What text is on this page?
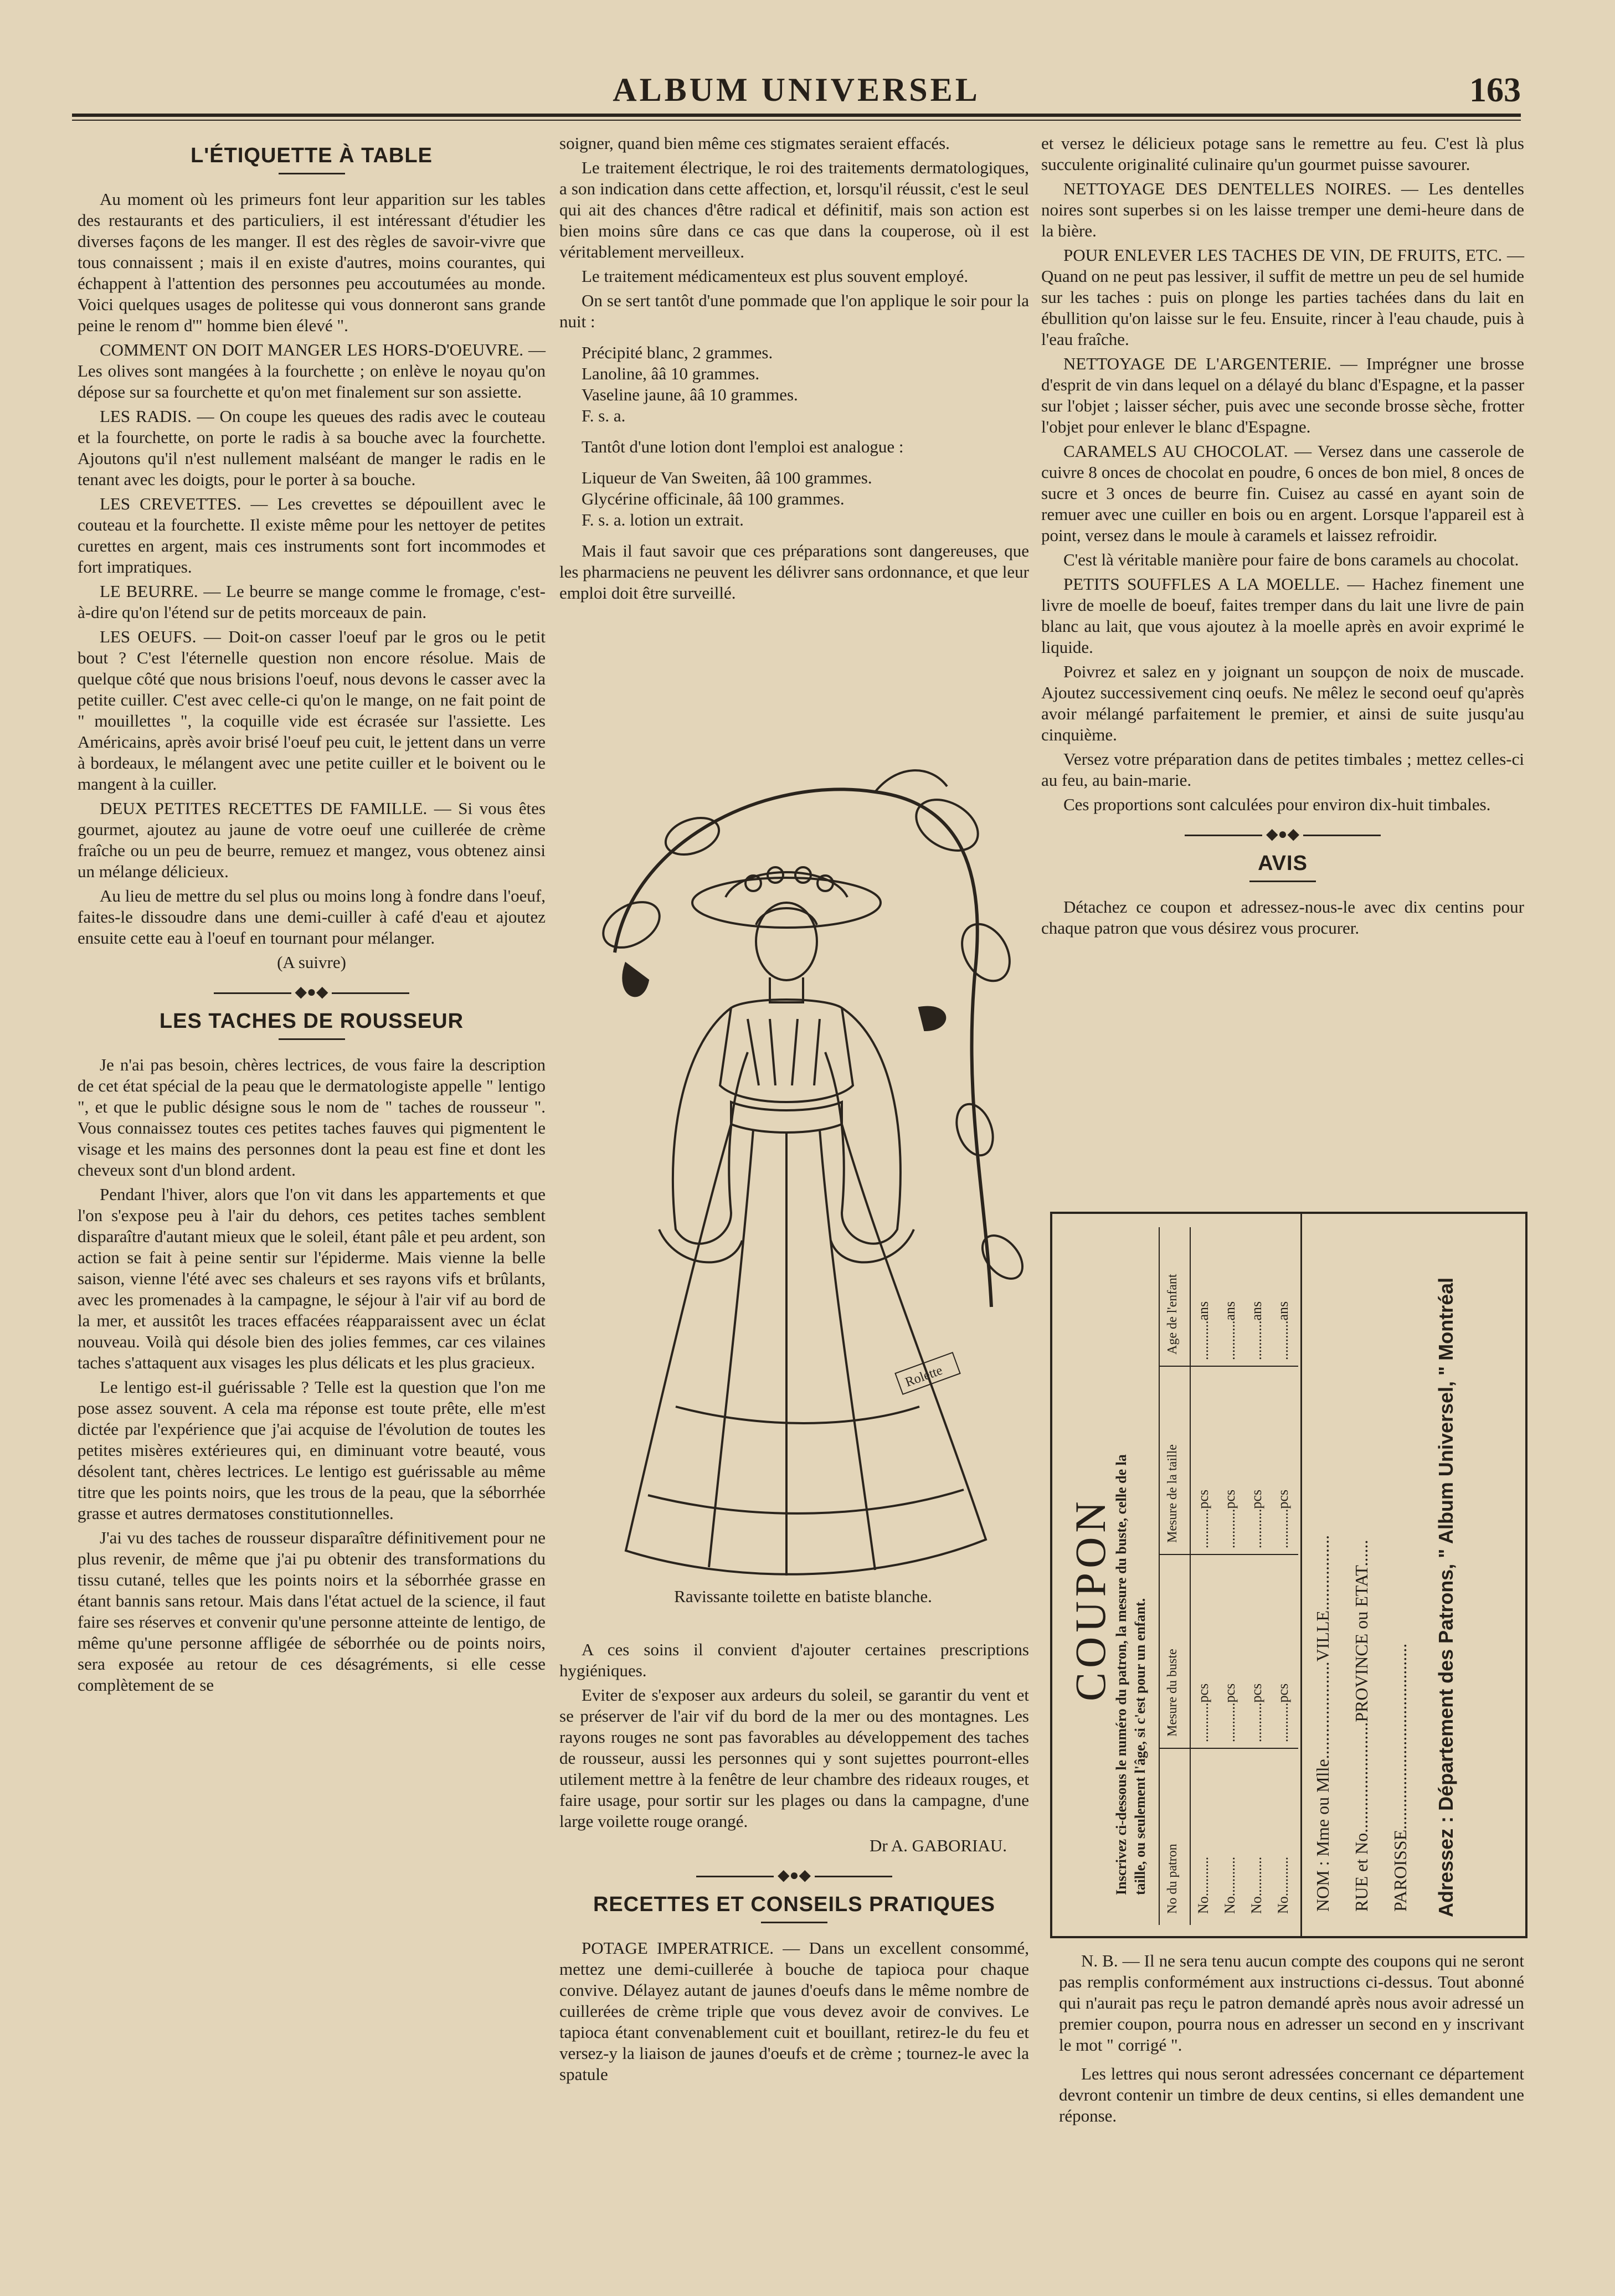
ALBUM UNIVERSEL	163
L'ÉTIQUETTE À TABLE

Au moment où les primeurs font leur apparition sur les tables des restaurants et des particuliers, il est intéressant d'étudier les diverses façons de les manger. Il est des règles de savoir-vivre que tous connaissent ; mais il en existe d'autres, moins courantes, qui échappent à l'attention des personnes peu accoutumées au monde. Voici quelques usages de politesse qui vous donneront sans grande peine le renom d'" homme bien élevé ".

COMMENT ON DOIT MANGER LES HORS-D'OEUVRE. — Les olives sont mangées à la fourchette ; on enlève le noyau qu'on dépose sur sa fourchette et qu'on met finalement sur son assiette.

LES RADIS. — On coupe les queues des radis avec le couteau et la fourchette, on porte le radis à sa bouche avec la fourchette. Ajoutons qu'il n'est nullement malséant de manger le radis en le tenant avec les doigts, pour le porter à sa bouche.

LES CREVETTES. — Les crevettes se dépouillent avec le couteau et la fourchette. Il existe même pour les nettoyer de petites curettes en argent, mais ces instruments sont fort incommodes et fort impratiques.

LE BEURRE. — Le beurre se mange comme le fromage, c'est-à-dire qu'on l'étend sur de petits morceaux de pain.

LES OEUFS. — Doit-on casser l'oeuf par le gros ou le petit bout ? C'est l'éternelle question non encore résolue. Mais de quelque côté que nous brisions l'oeuf, nous devons le casser avec la petite cuiller. C'est avec celle-ci qu'on le mange, on ne fait point de " mouillettes ", la coquille vide est écrasée sur l'assiette. Les Américains, après avoir brisé l'oeuf peu cuit, le jettent dans un verre à bordeaux, le mélangent avec une petite cuiller et le boivent ou le mangent à la cuiller.

DEUX PETITES RECETTES DE FAMILLE. — Si vous êtes gourmet, ajoutez au jaune de votre oeuf une cuillerée de crème fraîche ou un peu de beurre, remuez et mangez, vous obtenez ainsi un mélange délicieux.

Au lieu de mettre du sel plus ou moins long à fondre dans l'oeuf, faites-le dissoudre dans une demi-cuiller à café d'eau et ajoutez ensuite cette eau à l'oeuf en tournant pour mélanger.

(A suivre)

◆●◆
LES TACHES DE ROUSSEUR

Je n'ai pas besoin, chères lectrices, de vous faire la description de cet état spécial de la peau que le dermatologiste appelle " lentigo ", et que le public désigne sous le nom de " taches de rousseur ". Vous connaissez toutes ces petites taches fauves qui pigmentent le visage et les mains des personnes dont la peau est fine et dont les cheveux sont d'un blond ardent.

Pendant l'hiver, alors que l'on vit dans les appartements et que l'on s'expose peu à l'air du dehors, ces petites taches semblent disparaître d'autant mieux que le soleil, étant pâle et peu ardent, son action se fait à peine sentir sur l'épiderme. Mais vienne la belle saison, vienne l'été avec ses chaleurs et ses rayons vifs et brûlants, avec les promenades à la campagne, le séjour à l'air vif au bord de la mer, et aussitôt les traces effacées réapparaissent avec un éclat nouveau. Voilà qui désole bien des jolies femmes, car ces vilaines taches s'attaquent aux visages les plus délicats et les plus gracieux.

Le lentigo est-il guérissable ? Telle est la question que l'on me pose assez souvent. A cela ma réponse est toute prête, elle m'est dictée par l'expérience que j'ai acquise de l'évolution de toutes les petites misères extérieures qui, en diminuant votre beauté, vous désolent tant, chères lectrices. Le lentigo est guérissable au même titre que les points noirs, que les trous de la peau, que la séborrhée grasse et autres dermatoses constitutionnelles.

J'ai vu des taches de rousseur disparaître définitivement pour ne plus revenir, de même que j'ai pu obtenir des transformations du tissu cutané, telles que les points noirs et la séborrhée grasse en étant bannis sans retour. Mais dans l'état actuel de la science, il faut faire ses réserves et convenir qu'une personne atteinte de lentigo, de même qu'une personne affligée de séborrhée ou de points noirs, sera exposée au retour de ces désagréments, si elle cesse complètement de se

soigner, quand bien même ces stigmates seraient effacés.

Le traitement électrique, le roi des traitements dermatologiques, a son indication dans cette affection, et, lorsqu'il réussit, c'est le seul qui ait des chances d'être radical et définitif, mais son action est bien moins sûre dans ce cas que dans la couperose, où il est véritablement merveilleux.

Le traitement médicamenteux est plus souvent employé.

On se sert tantôt d'une pommade que l'on applique le soir pour la nuit :

Précipité blanc, 2 grammes.
Lanoline, ââ 10 grammes.
Vaseline jaune, ââ 10 grammes.
F. s. a.

Tantôt d'une lotion dont l'emploi est analogue :

Liqueur de Van Sweiten, ââ 100 grammes.
Glycérine officinale, ââ 100 grammes.
F. s. a. lotion un extrait.

Mais il faut savoir que ces préparations sont dangereuses, que les pharmaciens ne peuvent les délivrer sans ordonnance, et que leur emploi doit être surveillé.

Rolette
Ravissante toilette en batiste blanche.

A ces soins il convient d'ajouter certaines prescriptions hygiéniques.

Eviter de s'exposer aux ardeurs du soleil, se garantir du vent et se préserver de l'air vif du bord de la mer ou des montagnes. Les rayons rouges ne sont pas favorables au développement des taches de rousseur, aussi les personnes qui y sont sujettes pourront-elles utilement mettre à la fenêtre de leur chambre des rideaux rouges, et faire usage, pour sortir sur les plages ou dans la campagne, d'une large voilette rouge orangé.

Dr A. GABORIAU.

◆●◆
RECETTES ET CONSEILS PRATIQUES

POTAGE IMPERATRICE. — Dans un excellent consommé, mettez une demi-cuillerée à bouche de tapioca pour chaque convive. Délayez autant de jaunes d'oeufs dans le même nombre de cuillerées de crème triple que vous devez avoir de convives. Le tapioca étant convenablement cuit et bouillant, retirez-le du feu et versez-y la liaison de jaunes d'oeufs et de crème ; tournez-le avec la spatule

et versez le délicieux potage sans le remettre au feu. C'est là plus succulente originalité culinaire qu'un gourmet puisse savourer.

NETTOYAGE DES DENTELLES NOIRES. — Les dentelles noires sont superbes si on les laisse tremper une demi-heure dans de la bière.

POUR ENLEVER LES TACHES DE VIN, DE FRUITS, ETC. — Quand on ne peut pas lessiver, il suffit de mettre un peu de sel humide sur les taches : puis on plonge les parties tachées dans du lait en ébullition qu'on laisse sur le feu. Ensuite, rincer à l'eau chaude, puis à l'eau fraîche.

NETTOYAGE DE L'ARGENTERIE. — Imprégner une brosse d'esprit de vin dans lequel on a délayé du blanc d'Espagne, et la passer sur l'objet ; laisser sécher, puis avec une seconde brosse sèche, frotter l'objet pour enlever le blanc d'Espagne.

CARAMELS AU CHOCOLAT. — Versez dans une casserole de cuivre 8 onces de chocolat en poudre, 6 onces de bon miel, 8 onces de sucre et 3 onces de beurre fin. Cuisez au cassé en ayant soin de remuer avec une cuiller en bois ou en argent. Lorsque l'appareil est à point, versez dans le moule à caramels et laissez refroidir.

C'est là véritable manière pour faire de bons caramels au chocolat.

PETITS SOUFFLES A LA MOELLE. — Hachez finement une livre de moelle de boeuf, faites tremper dans du lait une livre de pain blanc au lait, que vous ajoutez à la moelle après en avoir exprimé le liquide.

Poivrez et salez en y joignant un soupçon de noix de muscade. Ajoutez successivement cinq oeufs. Ne mêlez le second oeuf qu'après avoir mélangé parfaitement le premier, et ainsi de suite jusqu'au cinquième.

Versez votre préparation dans de petites timbales ; mettez celles-ci au feu, au bain-marie.

Ces proportions sont calculées pour environ dix-huit timbales.

◆●◆
AVIS

Détachez ce coupon et adressez-nous-le avec dix centins pour chaque patron que vous désirez vous procurer.

COUPON
Inscrivez ci-dessous le numéro du patron, la mesure du buste, celle de la taille, ou seulement l'âge, si c'est pour un enfant.
Age de l'enfant
Mesure de la taille
Mesure du buste
No du patron No...........
No...........
No...........
No...........
...........pcs
...........pcs
...........pcs
...........pcs
...........pcs
...........pcs
...........pcs
...........pcs
...........ans
...........ans
...........ans
...........ans
NOM : Mme ou Mlle......................VILLE.................
RUE et No.........................PROVINCE ou ETAT......
PAROISSE.......................................... Adressez : Département des Patrons, " Album Universel, " Montréal

N. B. — Il ne sera tenu aucun compte des coupons qui ne seront pas remplis conformément aux instructions ci-dessus. Tout abonné qui n'aurait pas reçu le patron demandé après nous avoir adressé un premier coupon, pourra nous en adresser un second en y inscrivant le mot " corrigé ".

Les lettres qui nous seront adressées concernant ce département devront contenir un timbre de deux centins, si elles demandent une réponse.
